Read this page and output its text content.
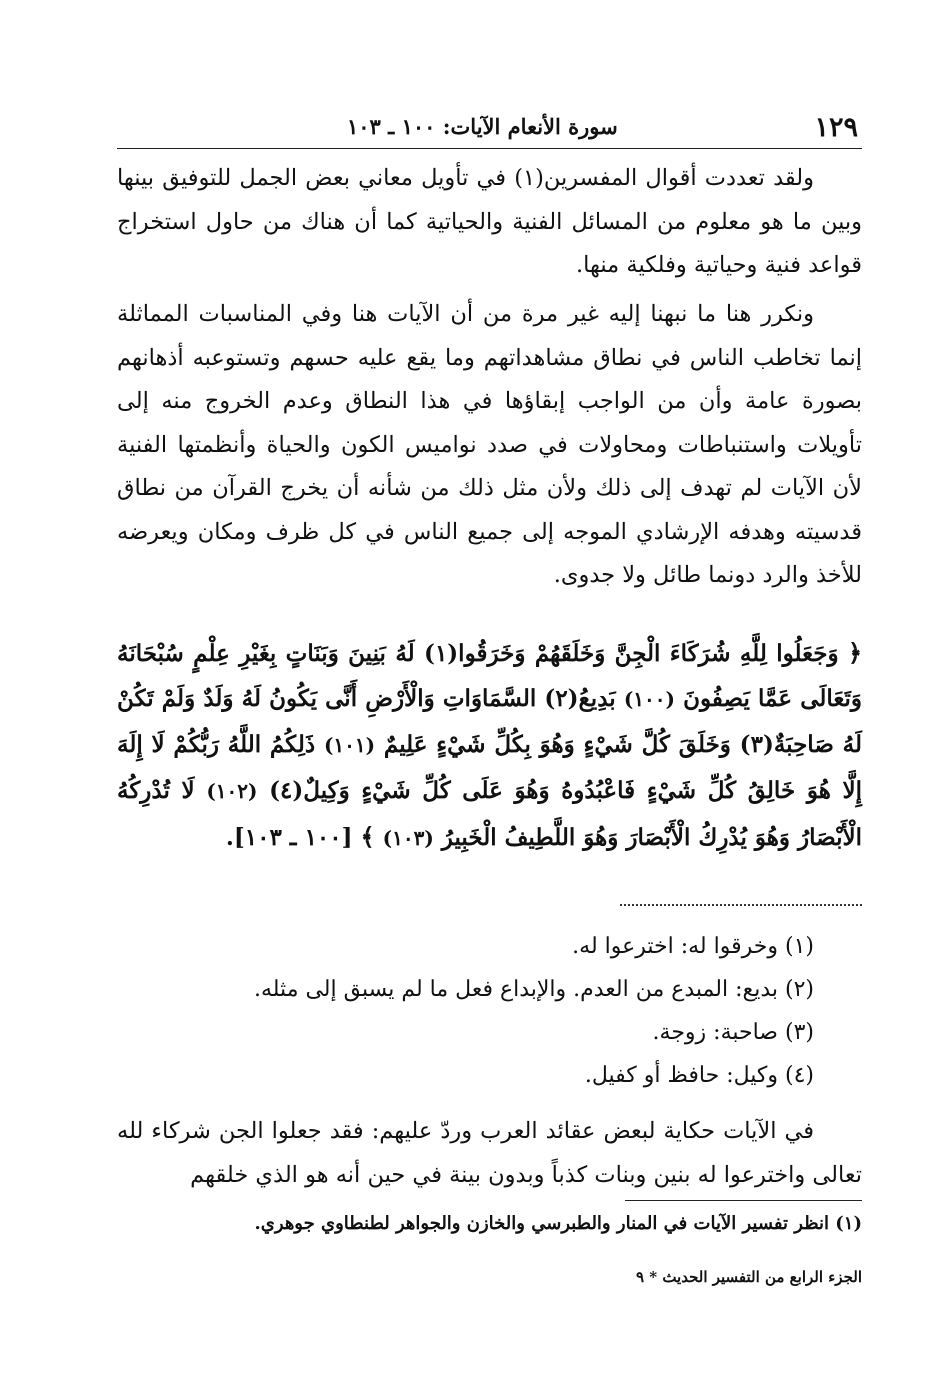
١٢٩
سورة الأنعام الآيات: ١٠٠ ـ ١٠٣
ولقد تعددت أقوال المفسرين(١) في تأويل معاني بعض الجمل للتوفيق بينها وبين ما هو معلوم من المسائل الفنية والحياتية كما أن هناك من حاول استخراج قواعد فنية وحياتية وفلكية منها.
ونكرر هنا ما نبهنا إليه غير مرة من أن الآيات هنا وفي المناسبات المماثلة إنما تخاطب الناس في نطاق مشاهداتهم وما يقع عليه حسهم وتستوعبه أذهانهم بصورة عامة وأن من الواجب إبقاؤها في هذا النطاق وعدم الخروج منه إلى تأويلات واستنباطات ومحاولات في صدد نواميس الكون والحياة وأنظمتها الفنية لأن الآيات لم تهدف إلى ذلك ولأن مثل ذلك من شأنه أن يخرج القرآن من نطاق قدسيته وهدفه الإرشادي الموجه إلى جميع الناس في كل ظرف ومكان ويعرضه للأخذ والرد دونما طائل ولا جدوى.
﴿ وَجَعَلُوا لِلَّهِ شُرَكَاءَ الْجِنَّ وَخَلَقَهُمْ وَخَرَقُوا(١) لَهُ بَنِينَ وَبَنَاتٍ بِغَيْرِ عِلْمٍ سُبْحَانَهُ وَتَعَالَى عَمَّا يَصِفُونَ (١٠٠) بَدِيعُ(٢) السَّمَاوَاتِ وَالْأَرْضِ أَنَّى يَكُونُ لَهُ وَلَدٌ وَلَمْ تَكُنْ لَهُ صَاحِبَةٌ(٣) وَخَلَقَ كُلَّ شَيْءٍ وَهُوَ بِكُلِّ شَيْءٍ عَلِيمٌ (١٠١) ذَلِكُمُ اللَّهُ رَبُّكُمْ لَا إِلَهَ إِلَّا هُوَ خَالِقُ كُلِّ شَيْءٍ فَاعْبُدُوهُ وَهُوَ عَلَى كُلِّ شَيْءٍ وَكِيلٌ(٤) (١٠٢) لَا تُدْرِكُهُ الْأَبْصَارُ وَهُوَ يُدْرِكُ الْأَبْصَارَ وَهُوَ اللَّطِيفُ الْخَبِيرُ (١٠٣) ﴾ [١٠٠ ـ ١٠٣].
(١) وخرقوا له: اخترعوا له.
(٢) بديع: المبدع من العدم. والإبداع فعل ما لم يسبق إلى مثله.
(٣) صاحبة: زوجة.
(٤) وكيل: حافظ أو كفيل.
في الآيات حكاية لبعض عقائد العرب وردّ عليهم: فقد جعلوا الجن شركاء لله تعالى واخترعوا له بنين وبنات كذباً وبدون بينة في حين أنه هو الذي خلقهم
(١) انظر تفسير الآيات في المنار والطبرسي والخازن والجواهر لطنطاوي جوهري.
الجزء الرابع من التفسير الحديث * ٩
